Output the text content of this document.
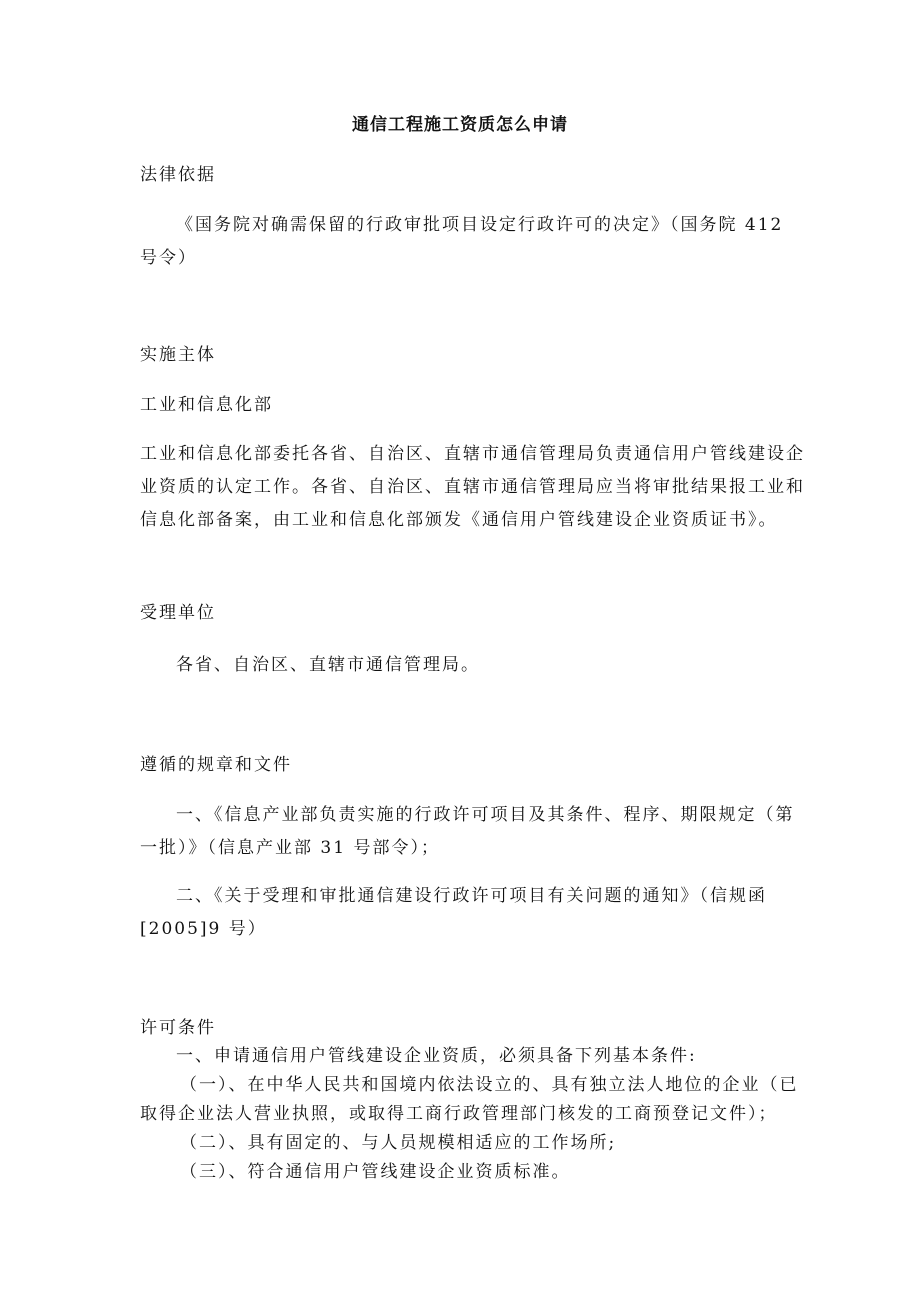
通信工程施工资质怎么申请

法律依据

《国务院对确需保留的行政审批项目设定行政许可的决定》（国务院 412
号令）

实施主体

工业和信息化部

工业和信息化部委托各省、自治区、直辖市通信管理局负责通信用户管线建设企
业资质的认定工作。各省、自治区、直辖市通信管理局应当将审批结果报工业和
信息化部备案，由工业和信息化部颁发《通信用户管线建设企业资质证书》。

受理单位

各省、自治区、直辖市通信管理局。

遵循的规章和文件

一、《信息产业部负责实施的行政许可项目及其条件、程序、期限规定（第
一批）》（信息产业部 31 号部令）；
二、《关于受理和审批通信建设行政许可项目有关问题的通知》（信规函
[2005]9 号）

许可条件

一、申请通信用户管线建设企业资质，必须具备下列基本条件:
（一）、在中华人民共和国境内依法设立的、具有独立法人地位的企业（已
取得企业法人营业执照，或取得工商行政管理部门核发的工商预登记文件）；
（二）、具有固定的、与人员规模相适应的工作场所;
（三）、符合通信用户管线建设企业资质标准。
